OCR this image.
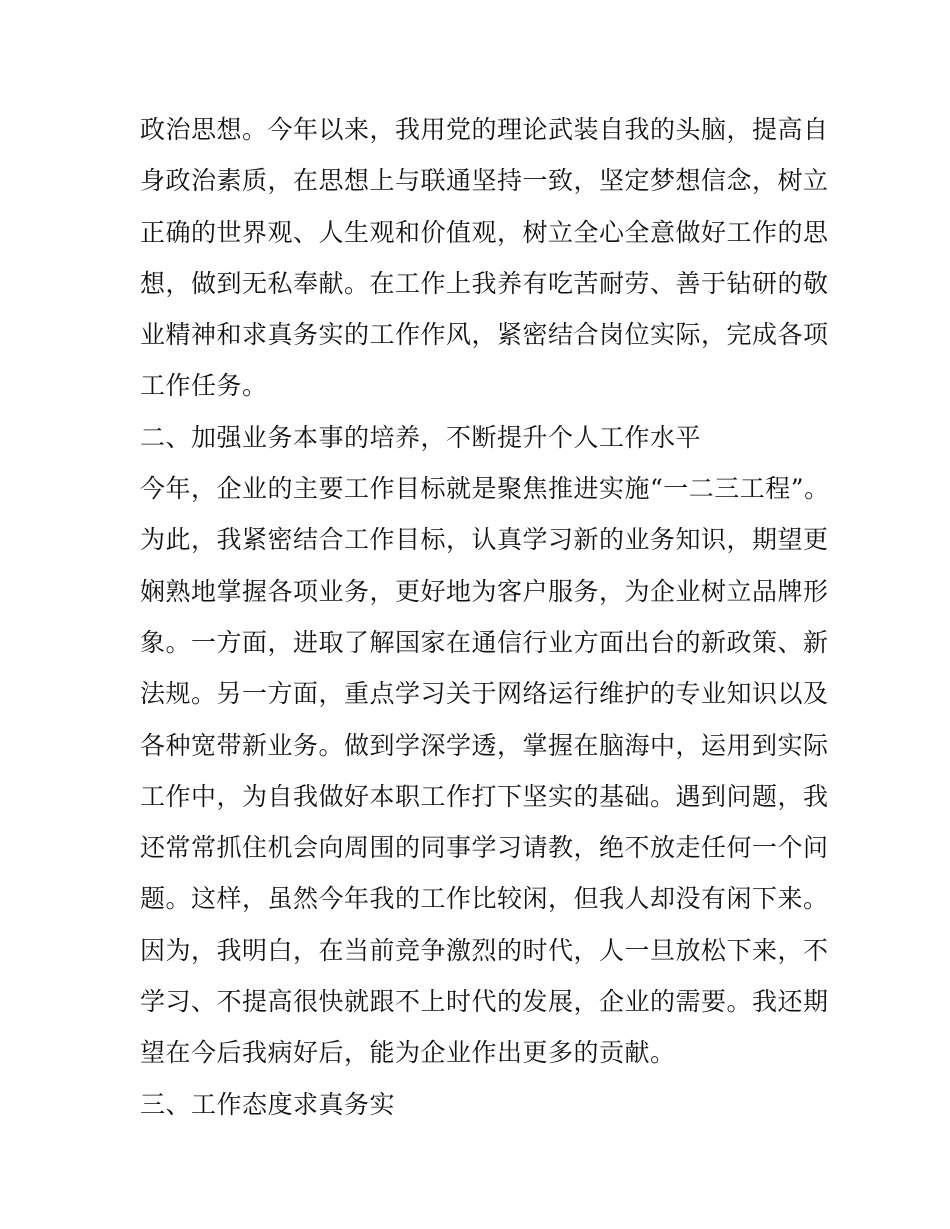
政治思想。今年以来，我用党的理论武装自我的头脑，提高自
身政治素质，在思想上与联通坚持一致，坚定梦想信念，树立
正确的世界观、人生观和价值观，树立全心全意做好工作的思
想，做到无私奉献。在工作上我养有吃苦耐劳、善于钻研的敬
业精神和求真务实的工作作风，紧密结合岗位实际，完成各项
工作任务。
二、加强业务本事的培养，不断提升个人工作水平
今年，企业的主要工作目标就是聚焦推进实施“一二三工程”。
为此，我紧密结合工作目标，认真学习新的业务知识，期望更
娴熟地掌握各项业务，更好地为客户服务，为企业树立品牌形
象。一方面，进取了解国家在通信行业方面出台的新政策、新
法规。另一方面，重点学习关于网络运行维护的专业知识以及
各种宽带新业务。做到学深学透，掌握在脑海中，运用到实际
工作中，为自我做好本职工作打下坚实的基础。遇到问题，我
还常常抓住机会向周围的同事学习请教，绝不放走任何一个问
题。这样，虽然今年我的工作比较闲，但我人却没有闲下来。
因为，我明白，在当前竞争激烈的时代，人一旦放松下来，不
学习、不提高很快就跟不上时代的发展，企业的需要。我还期
望在今后我病好后，能为企业作出更多的贡献。
三、工作态度求真务实
